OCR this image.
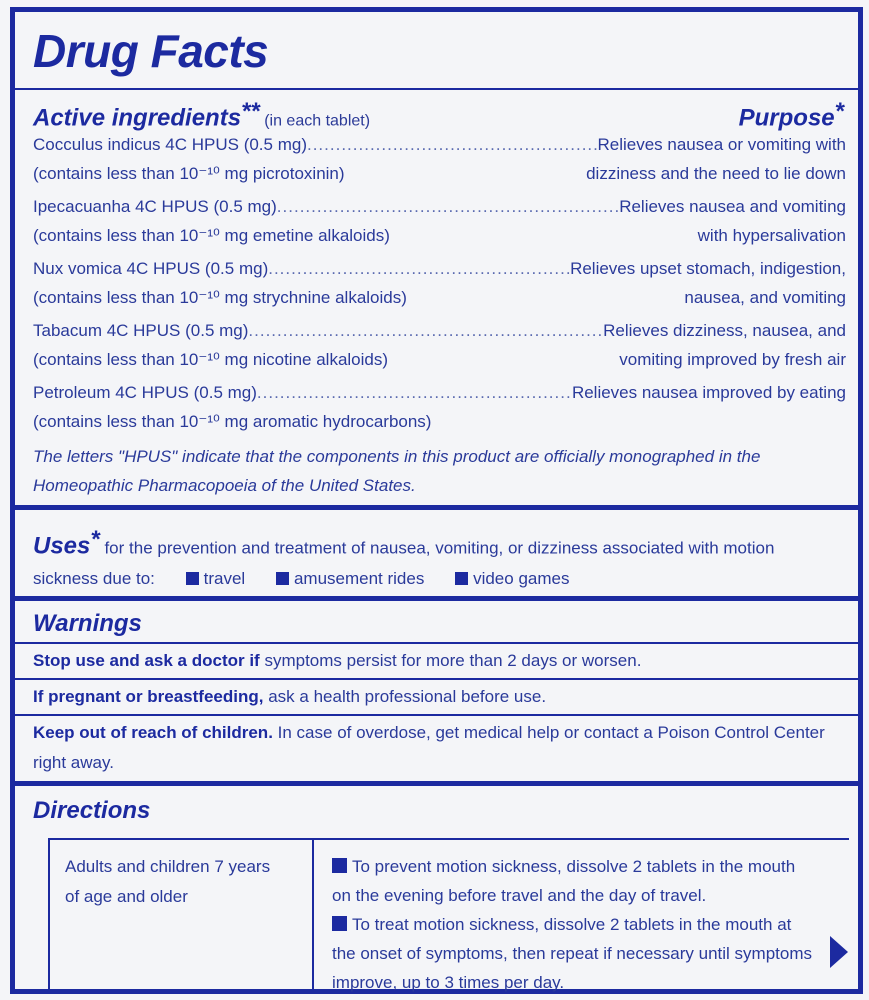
Drug Facts
Active ingredients** (in each tablet)	Purpose*
Cocculus indicus 4C HPUS (0.5 mg) .....	Relieves nausea or vomiting with
(contains less than 10⁻¹⁰ mg picrotoxinin)	dizziness and the need to lie down
Ipecacuanha 4C HPUS (0.5 mg) .....	Relieves nausea and vomiting
(contains less than 10⁻¹⁰ mg emetine alkaloids)	with hypersalivation
Nux vomica 4C HPUS (0.5 mg) .....	Relieves upset stomach, indigestion,
(contains less than 10⁻¹⁰ mg strychnine alkaloids)	nausea, and vomiting
Tabacum 4C HPUS (0.5 mg) .....	Relieves dizziness, nausea, and
(contains less than 10⁻¹⁰ mg nicotine alkaloids)	vomiting improved by fresh air
Petroleum 4C HPUS (0.5 mg) .....	Relieves nausea improved by eating
(contains less than 10⁻¹⁰ mg aromatic hydrocarbons)
The letters "HPUS" indicate that the components in this product are officially monographed in the Homeopathic Pharmacopoeia of the United States.
Uses* for the prevention and treatment of nausea, vomiting, or dizziness associated with motion sickness due to:	travel	amusement rides	video games
Warnings
Stop use and ask a doctor if symptoms persist for more than 2 days or worsen.
If pregnant or breastfeeding, ask a health professional before use.
Keep out of reach of children. In case of overdose, get medical help or contact a Poison Control Center right away.
Directions
Adults and children 7 years of age and older
To prevent motion sickness, dissolve 2 tablets in the mouth on the evening before travel and the day of travel.
To treat motion sickness, dissolve 2 tablets in the mouth at the onset of symptoms, then repeat if necessary until symptoms improve, up to 3 times per day.
